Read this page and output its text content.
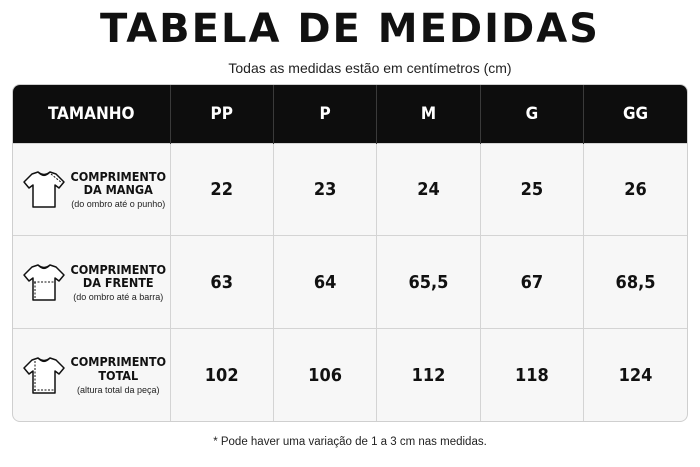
TABELA DE MEDIDAS
Todas as medidas estão em centímetros (cm)
TAMANHO	PP	P	M	G	GG

COMPRIMENTO
DA MANGA
(do ombro até o punho)	22	23	24	25	26

COMPRIMENTO
DA FRENTE
(do ombro até a barra)	63	64	65,5	67	68,5

COMPRIMENTO
TOTAL
(altura total da peça)	102	106	112	118	124
* Pode haver uma variação de 1 a 3 cm nas medidas.
